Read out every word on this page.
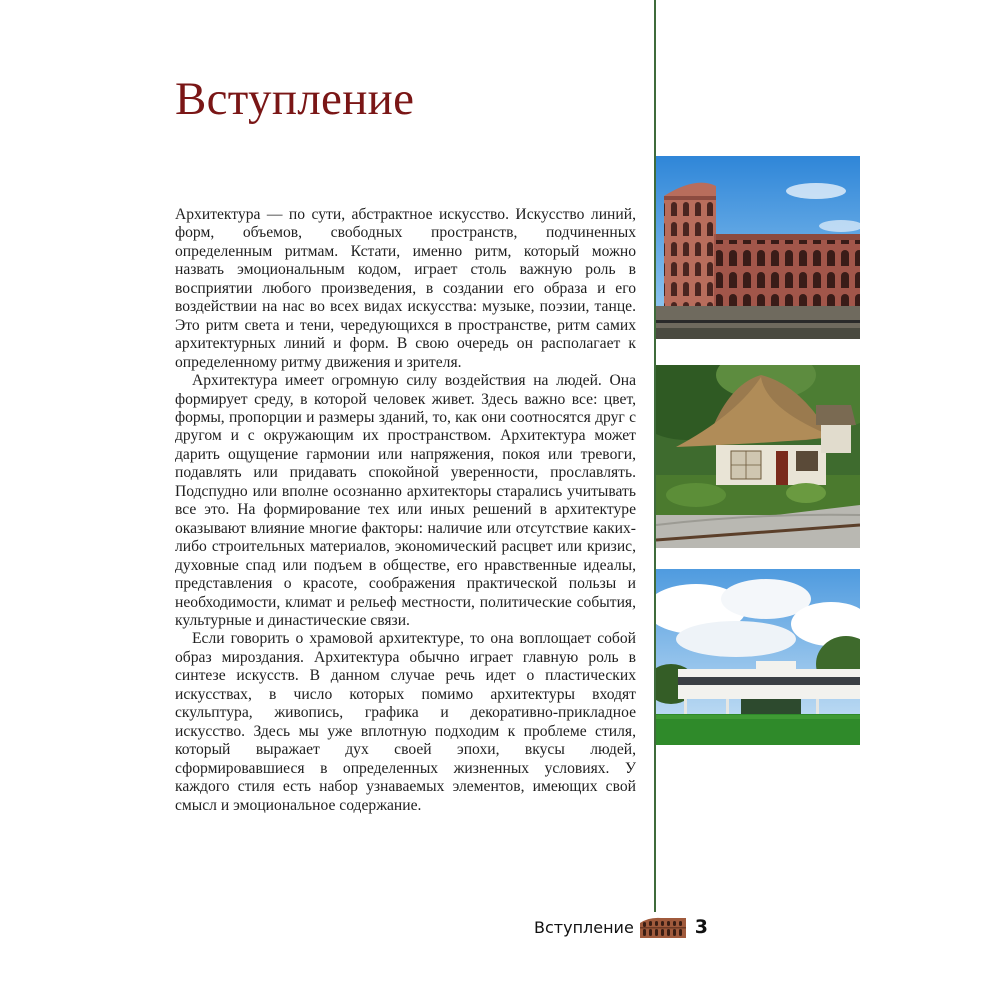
Вступление

Архитектура — по сути, абстрактное искусство. Искусство линий, форм, объемов, свободных пространств, подчиненных определенным ритмам. Кстати, именно ритм, который можно назвать эмоциональным кодом, играет столь важную роль в восприятии любого произведения, в создании его образа и его воздействии на нас во всех видах искусства: музыке, поэзии, танце. Это ритм света и тени, чередующихся в пространстве, ритм самих архитектурных линий и форм. В свою очередь он располагает к определенному ритму движения и зрителя.

Архитектура имеет огромную силу воздействия на людей. Она формирует среду, в которой человек живет. Здесь важно все: цвет, формы, пропорции и размеры зданий, то, как они соотносятся друг с другом и с окружающим их пространством. Архитектура может дарить ощущение гармонии или напряжения, покоя или тревоги, подавлять или придавать спокойной уверенности, прославлять. Подспудно или вполне осознанно архитекторы старались учитывать все это. На формирование тех или иных решений в архитектуре оказывают влияние многие факторы: наличие или отсутствие каких-либо строительных материалов, экономический расцвет или кризис, духовные спад или подъем в обществе, его нравственные идеалы, представления о красоте, соображения практической пользы и необходимости, климат и рельеф местности, политические события, культурные и династические связи.

Если говорить о храмовой архитектуре, то она воплощает собой образ мироздания. Архитектура обычно играет главную роль в синтезе искусств. В данном случае речь идет о пластических искусствах, в число которых помимо архитектуры входят скульптура, живопись, графика и декоративно-прикладное искусство. Здесь мы уже вплотную подходим к проблеме стиля, который выражает дух своей эпохи, вкусы людей, сформировавшиеся в определенных жизненных условиях. У каждого стиля есть набор узнаваемых элементов, имеющих свой смысл и эмоциональное содержание.

Вступление	3
